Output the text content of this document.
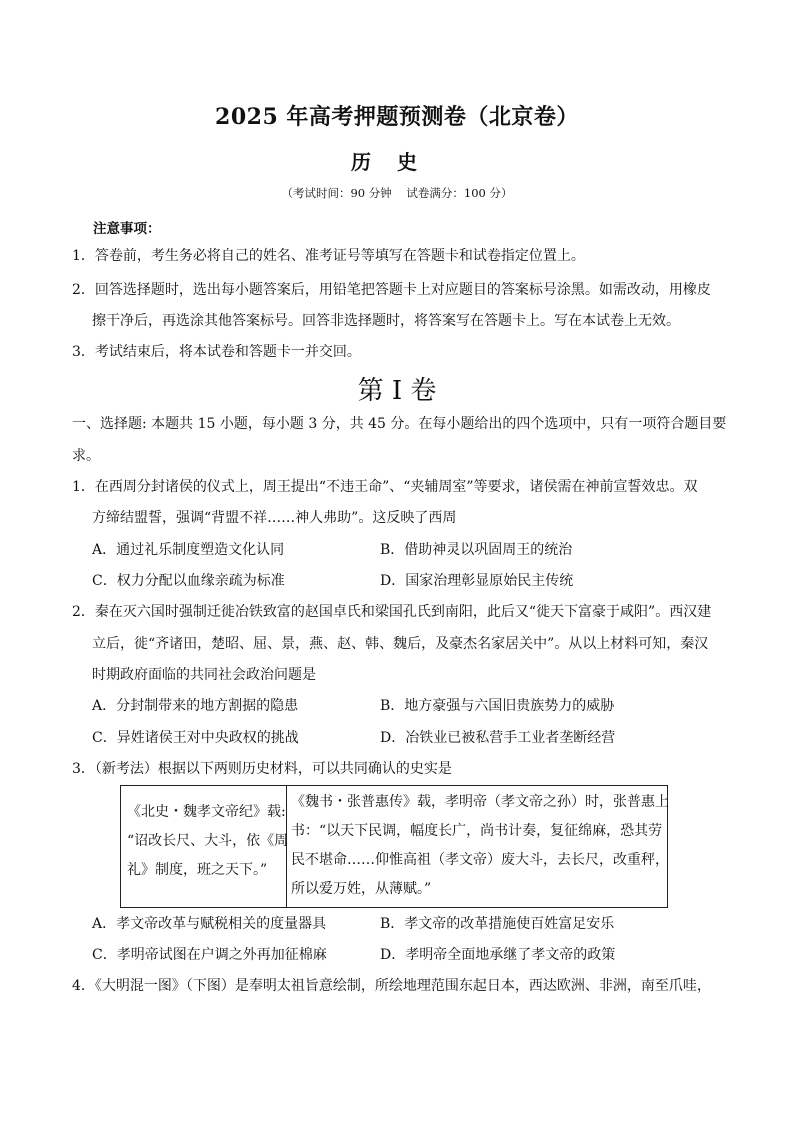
2025 年高考押题预测卷（北京卷）
历史
（考试时间：90 分钟    试卷满分：100 分）
注意事项：
1．答卷前，考生务必将自己的姓名、准考证号等填写在答题卡和试卷指定位置上。
2．回答选择题时，选出每小题答案后，用铅笔把答题卡上对应题目的答案标号涂黑。如需改动，用橡皮
擦干净后，再选涂其他答案标号。回答非选择题时，将答案写在答题卡上。写在本试卷上无效。
3．考试结束后，将本试卷和答题卡一并交回。
第 I 卷
一、选择题: 本题共 15 小题，每小题 3 分，共 45 分。在每小题给出的四个选项中，只有一项符合题目要
求。
1．在西周分封诸侯的仪式上，周王提出“不违王命”、“夹辅周室”等要求，诸侯需在神前宣誓效忠。双
方缔结盟誓，强调“背盟不祥……神人弗助”。这反映了西周
A．通过礼乐制度塑造文化认同	B．借助神灵以巩固周王的统治
C．权力分配以血缘亲疏为标准	D．国家治理彰显原始民主传统
2．秦在灭六国时强制迁徙冶铁致富的赵国卓氏和梁国孔氏到南阳，此后又“徙天下富豪于咸阳”。西汉建
立后，徙“齐诸田，楚昭、屈、景，燕、赵、韩、魏后，及豪杰名家居关中”。从以上材料可知，秦汉
时期政府面临的共同社会政治问题是
A．分封制带来的地方割据的隐患	B．地方豪强与六国旧贵族势力的威胁
C．异姓诸侯王对中央政权的挑战	D．冶铁业已被私营手工业者垄断经营
3．（新考法）根据以下两则历史材料，可以共同确认的史实是
《北史・魏孝文帝纪》载:
“诏改长尺、大斗，依《周
礼》制度，班之天下。”
《魏书・张普惠传》载，孝明帝（孝文帝之孙）时，张普惠上
书：“以天下民调，幅度长广，尚书计奏，复征绵麻，恐其劳
民不堪命……仰惟高祖（孝文帝）废大斗，去长尺，改重秤，
所以爱万姓，从薄赋。”
A．孝文帝改革与赋税相关的度量器具	B．孝文帝的改革措施使百姓富足安乐
C．孝明帝试图在户调之外再加征棉麻	D．孝明帝全面地承继了孝文帝的政策
4．《大明混一图》（下图）是奉明太祖旨意绘制，所绘地理范围东起日本，西达欧洲、非洲，南至爪哇，
